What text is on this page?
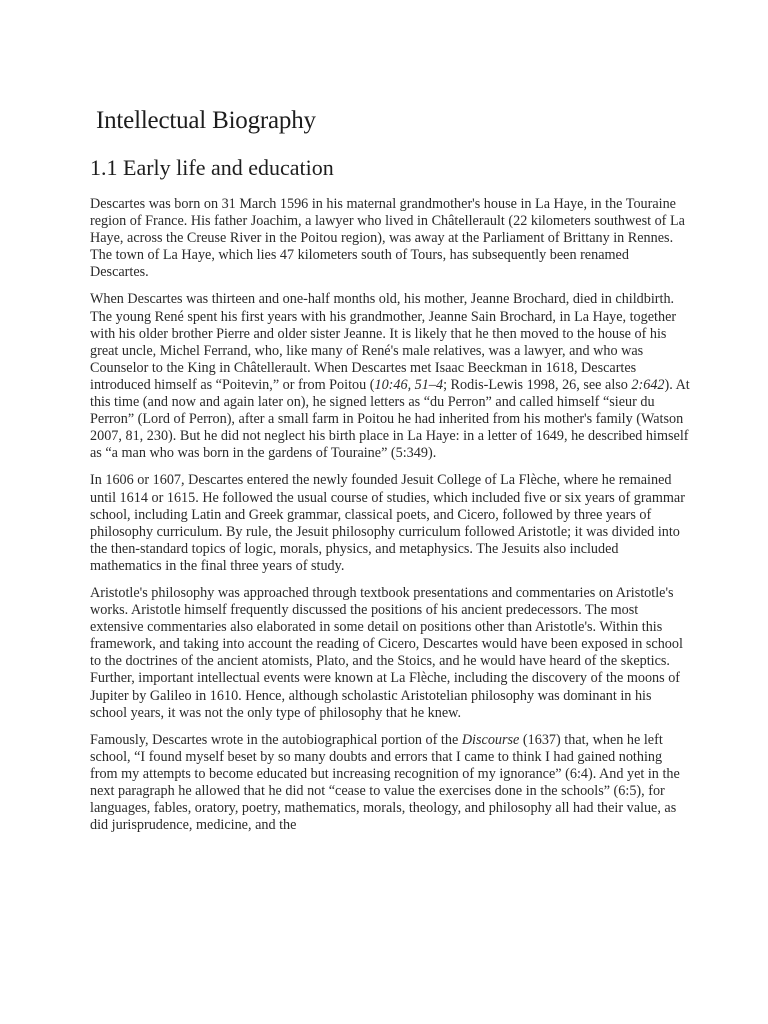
Intellectual Biography
1.1 Early life and education

Descartes was born on 31 March 1596 in his maternal grandmother's house in La Haye, in the Touraine region of France. His father Joachim, a lawyer who lived in Châtellerault (22 kilometers southwest of La Haye, across the Creuse River in the Poitou region), was away at the Parliament of Brittany in Rennes. The town of La Haye, which lies 47 kilometers south of Tours, has subsequently been renamed Descartes.

When Descartes was thirteen and one-half months old, his mother, Jeanne Brochard, died in childbirth. The young René spent his first years with his grandmother, Jeanne Sain Brochard, in La Haye, together with his older brother Pierre and older sister Jeanne. It is likely that he then moved to the house of his great uncle, Michel Ferrand, who, like many of René's male relatives, was a lawyer, and who was Counselor to the King in Châtellerault. When Descartes met Isaac Beeckman in 1618, Descartes introduced himself as “Poitevin,” or from Poitou (10:46, 51–4; Rodis-Lewis 1998, 26, see also 2:642). At this time (and now and again later on), he signed letters as “du Perron” and called himself “sieur du Perron” (Lord of Perron), after a small farm in Poitou he had inherited from his mother's family (Watson 2007, 81, 230). But he did not neglect his birth place in La Haye: in a letter of 1649, he described himself as “a man who was born in the gardens of Touraine” (5:349).

In 1606 or 1607, Descartes entered the newly founded Jesuit College of La Flèche, where he remained until 1614 or 1615. He followed the usual course of studies, which included five or six years of grammar school, including Latin and Greek grammar, classical poets, and Cicero, followed by three years of philosophy curriculum. By rule, the Jesuit philosophy curriculum followed Aristotle; it was divided into the then-standard topics of logic, morals, physics, and metaphysics. The Jesuits also included mathematics in the final three years of study.

Aristotle's philosophy was approached through textbook presentations and commentaries on Aristotle's works. Aristotle himself frequently discussed the positions of his ancient predecessors. The most extensive commentaries also elaborated in some detail on positions other than Aristotle's. Within this framework, and taking into account the reading of Cicero, Descartes would have been exposed in school to the doctrines of the ancient atomists, Plato, and the Stoics, and he would have heard of the skeptics. Further, important intellectual events were known at La Flèche, including the discovery of the moons of Jupiter by Galileo in 1610. Hence, although scholastic Aristotelian philosophy was dominant in his school years, it was not the only type of philosophy that he knew.

Famously, Descartes wrote in the autobiographical portion of the Discourse (1637) that, when he left school, “I found myself beset by so many doubts and errors that I came to think I had gained nothing from my attempts to become educated but increasing recognition of my ignorance” (6:4). And yet in the next paragraph he allowed that he did not “cease to value the exercises done in the schools” (6:5), for languages, fables, oratory, poetry, mathematics, morals, theology, and philosophy all had their value, as did jurisprudence, medicine, and the
